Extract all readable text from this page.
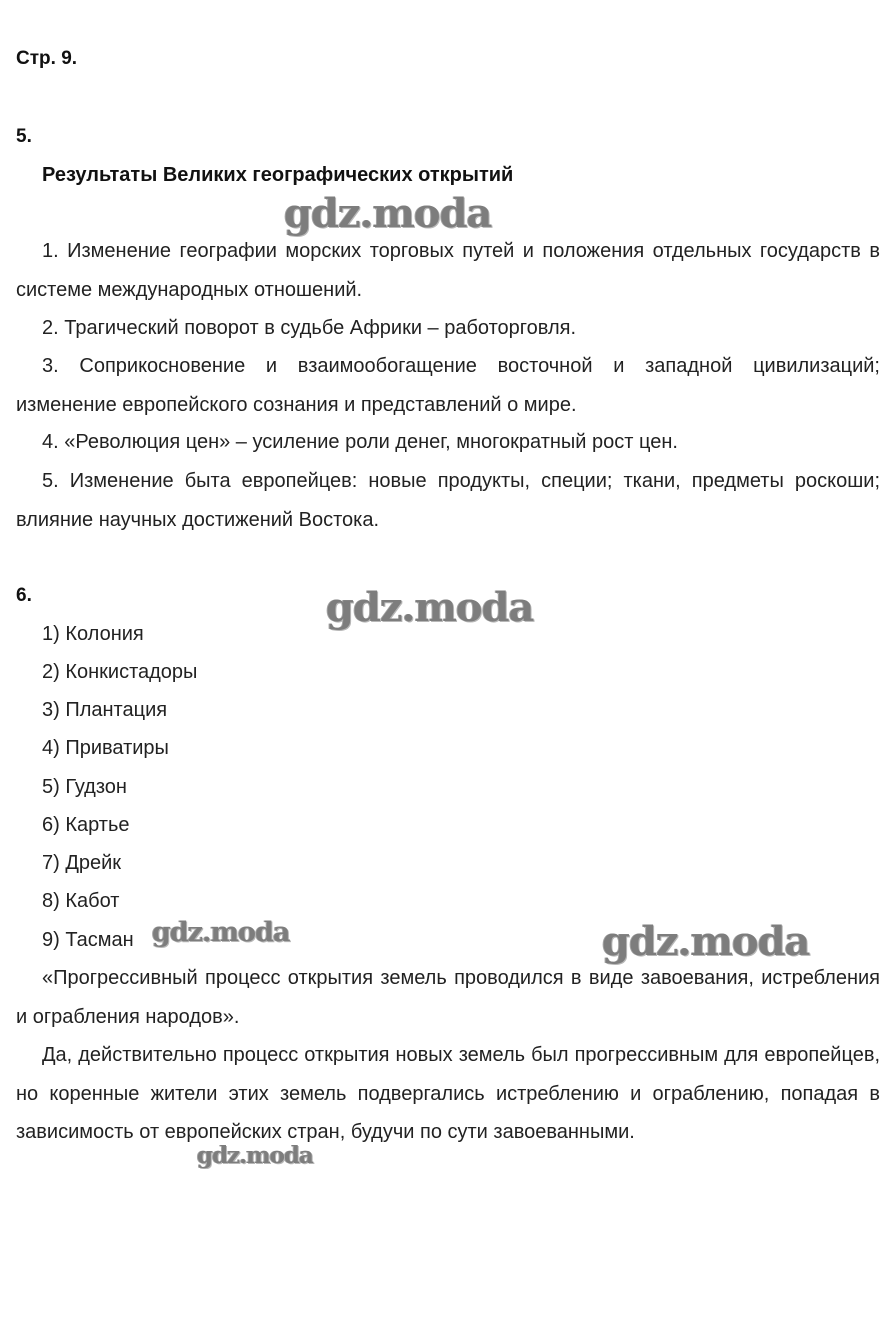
Стр. 9.
5.
Результаты Великих географических открытий

1. Изменение географии морских торговых путей и положения отдельных государств в системе международных отношений.

2. Трагический поворот в судьбе Африки – работорговля.

3. Соприкосновение и взаимообогащение восточной и западной цивилизаций; изменение европейского сознания и представлений о мире.

4. «Революция цен» – усиление роли денег, многократный рост цен.

5. Изменение быта европейцев: новые продукты, специи; ткани, предметы роскоши; влияние научных достижений Востока.

6.
1) Колония
2) Конкистадоры
3) Плантация
4) Приватиры
5) Гудзон
6) Картье
7) Дрейк
8) Кабот
9) Тасман

«Прогрессивный процесс открытия земель проводился в виде завоевания, истребления и ограбления народов».

Да, действительно процесс открытия новых земель был прогрессивным для европейцев, но коренные жители этих земель подвергались истреблению и ограблению, попадая в зависимость от европейских стран, будучи по сути завоеванными.

gdz.moda
gdz.moda
gdz.moda	gdz.moda
gdz.moda
